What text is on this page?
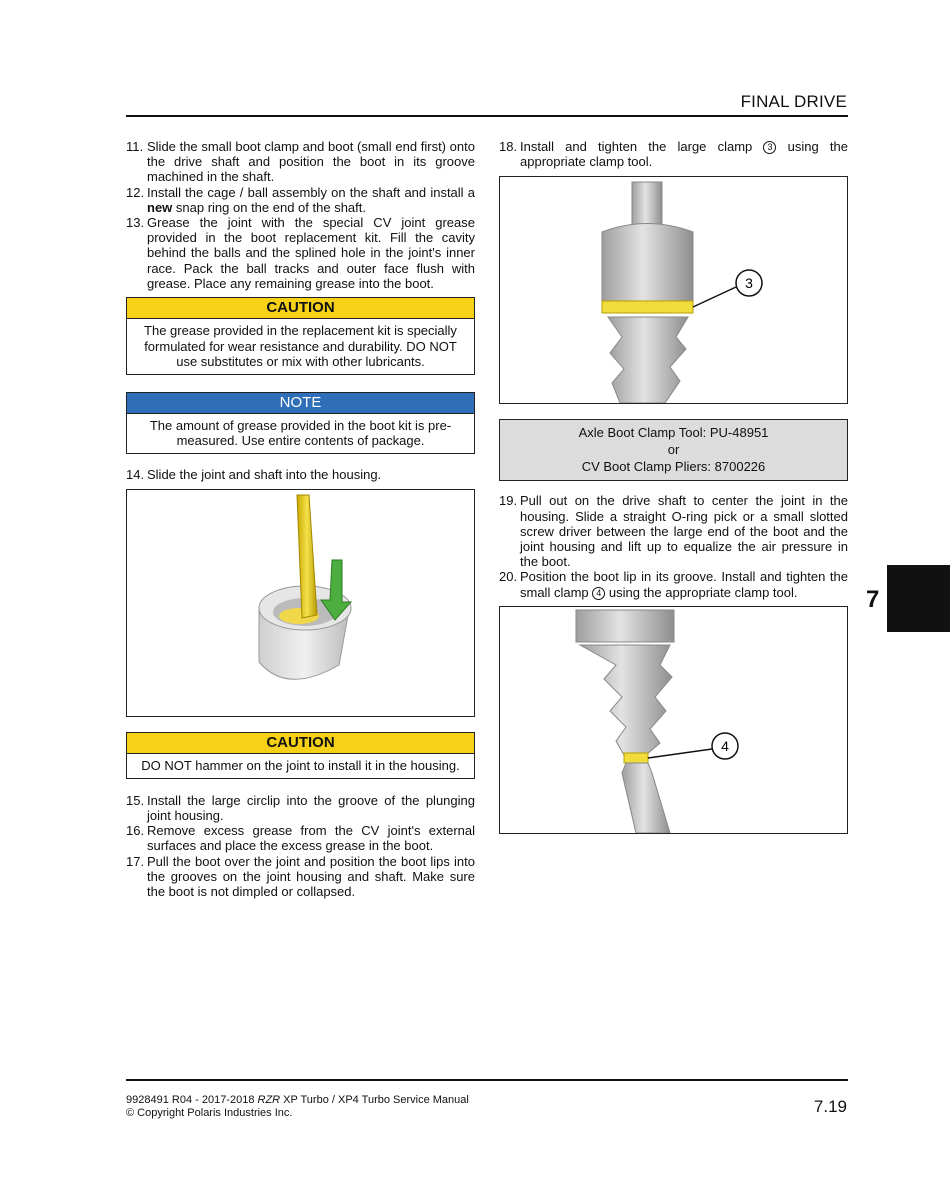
FINAL DRIVE
11. Slide the small boot clamp and boot (small end first) onto the drive shaft and position the boot in its groove machined in the shaft.
12. Install the cage / ball assembly on the shaft and install a new snap ring on the end of the shaft.
13. Grease the joint with the special CV joint grease provided in the boot replacement kit. Fill the cavity behind the balls and the splined hole in the joint's inner race. Pack the ball tracks and outer face flush with grease. Place any remaining grease into the boot.
CAUTION
The grease provided in the replacement kit is specially formulated for wear resistance and durability. DO NOT use substitutes or mix with other lubricants.
NOTE
The amount of grease provided in the boot kit is pre-measured. Use entire contents of package.
14. Slide the joint and shaft into the housing.
CAUTION
DO NOT hammer on the joint to install it in the housing.
15. Install the large circlip into the groove of the plunging joint housing.
16. Remove excess grease from the CV joint's external surfaces and place the excess grease in the boot.
17. Pull the boot over the joint and position the boot lips into the grooves on the joint housing and shaft. Make sure the boot is not dimpled or collapsed.
18. Install and tighten the large clamp 3 using the appropriate clamp tool.
3
Axle Boot Clamp Tool: PU-48951
or
CV Boot Clamp Pliers: 8700226
19. Pull out on the drive shaft to center the joint in the housing. Slide a straight O-ring pick or a small slotted screw driver between the large end of the boot and the joint housing and lift up to equalize the air pressure in the boot.
20. Position the boot lip in its groove. Install and tighten the small clamp 4 using the appropriate clamp tool.
4
7
9928491 R04 - 2017-2018 RZR XP Turbo / XP4 Turbo Service Manual
© Copyright Polaris Industries Inc.	7.19
